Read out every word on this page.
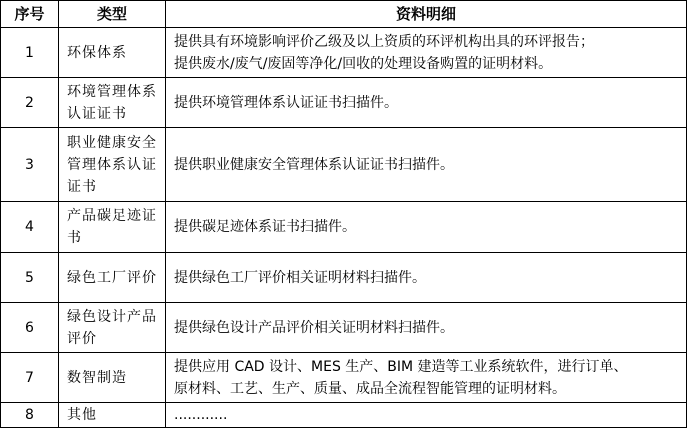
序号	类型	资料明细
1	环保体系	提供具有环境影响评价乙级及以上资质的环评机构出具的环评报告；
提供废水/废气/废固等净化/回收的处理设备购置的证明材料。

2	环境管理体系认证证书	提供环境管理体系认证证书扫描件。

3	职业健康安全管理体系认证证书	提供职业健康安全管理体系认证证书扫描件。

4	产品碳足迹证书	提供碳足迹体系证书扫描件。

5	绿色工厂评价	提供绿色工厂评价相关证明材料扫描件。

6	绿色设计产品评价	提供绿色设计产品评价相关证明材料扫描件。

7	数智制造	提供应用 CAD 设计、MES 生产、BIM 建造等工业系统软件，进行订单、
原材料、工艺、生产、质量、成品全流程智能管理的证明材料。

8	其他	............
